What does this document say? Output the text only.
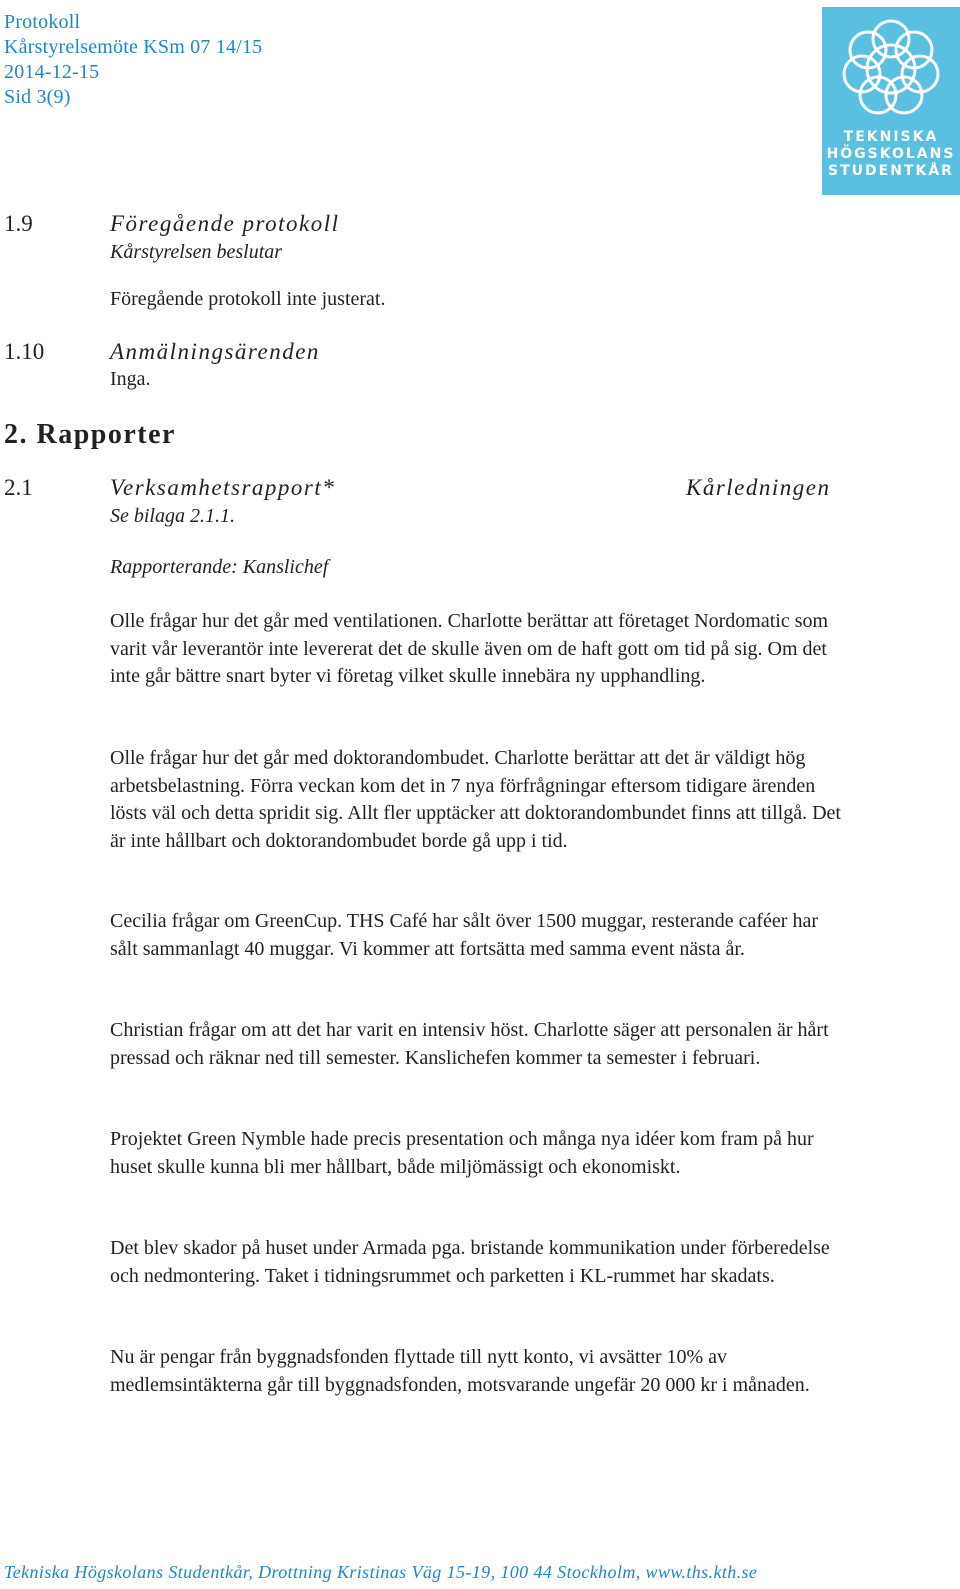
Protokoll
Kårstyrelsemöte KSm 07 14/15
2014-12-15
Sid 3(9)
TEKNISKA
HÖGSKOLANS
STUDENTKÅR
1.9	Föregående protokoll
Kårstyrelsen beslutar
Föregående protokoll inte justerat.
1.10	Anmälningsärenden
Inga.
2. Rapporter
2.1	Verksamhetsrapport*	Kårledningen
Se bilaga 2.1.1.
Rapporterande: Kanslichef
Olle frågar hur det går med ventilationen. Charlotte berättar att företaget Nordomatic som varit vår leverantör inte levererat det de skulle även om de haft gott om tid på sig. Om det inte går bättre snart byter vi företag vilket skulle innebära ny upphandling.
Olle frågar hur det går med doktorandombudet. Charlotte berättar att det är väldigt hög arbetsbelastning. Förra veckan kom det in 7 nya förfrågningar eftersom tidigare ärenden lösts väl och detta spridit sig. Allt fler upptäcker att doktorandombundet finns att tillgå. Det är inte hållbart och doktorandombudet borde gå upp i tid.
Cecilia frågar om GreenCup. THS Café har sålt över 1500 muggar, resterande caféer har sålt sammanlagt 40 muggar. Vi kommer att fortsätta med samma event nästa år.
Christian frågar om att det har varit en intensiv höst. Charlotte säger att personalen är hårt pressad och räknar ned till semester. Kanslichefen kommer ta semester i februari.
Projektet Green Nymble hade precis presentation och många nya idéer kom fram på hur huset skulle kunna bli mer hållbart, både miljömässigt och ekonomiskt.
Det blev skador på huset under Armada pga. bristande kommunikation under förberedelse och nedmontering. Taket i tidningsrummet och parketten i KL-rummet har skadats.
Nu är pengar från byggnadsfonden flyttade till nytt konto, vi avsätter 10% av medlemsintäkterna går till byggnadsfonden, motsvarande ungefär 20 000 kr i månaden.
Tekniska Högskolans Studentkår, Drottning Kristinas Väg 15-19, 100 44 Stockholm, www.ths.kth.se
